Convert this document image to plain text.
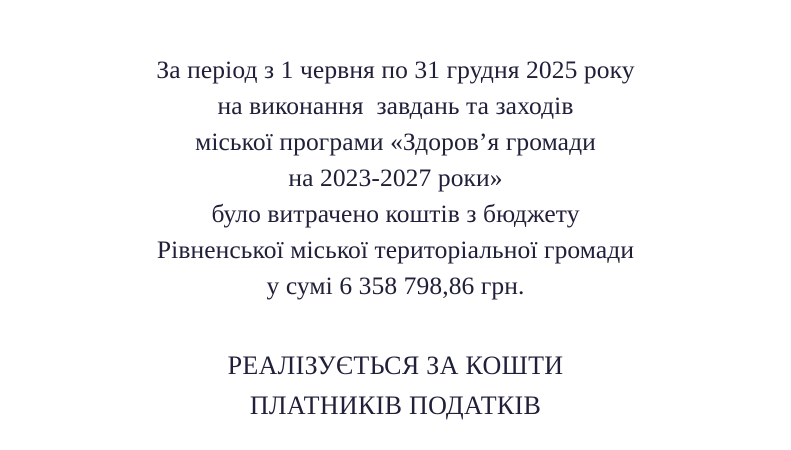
За період з 1 червня по 31 грудня 2025 року
на виконання  завдань та заходів
міської програми «Здоров’я громади
на 2023-2027 роки»
було витрачено коштів з бюджету
Рівненської міської територіальної громади
у сумі 6 358 798,86 грн.
РЕАЛІЗУЄТЬСЯ ЗА КОШТИ
ПЛАТНИКІВ ПОДАТКІВ
